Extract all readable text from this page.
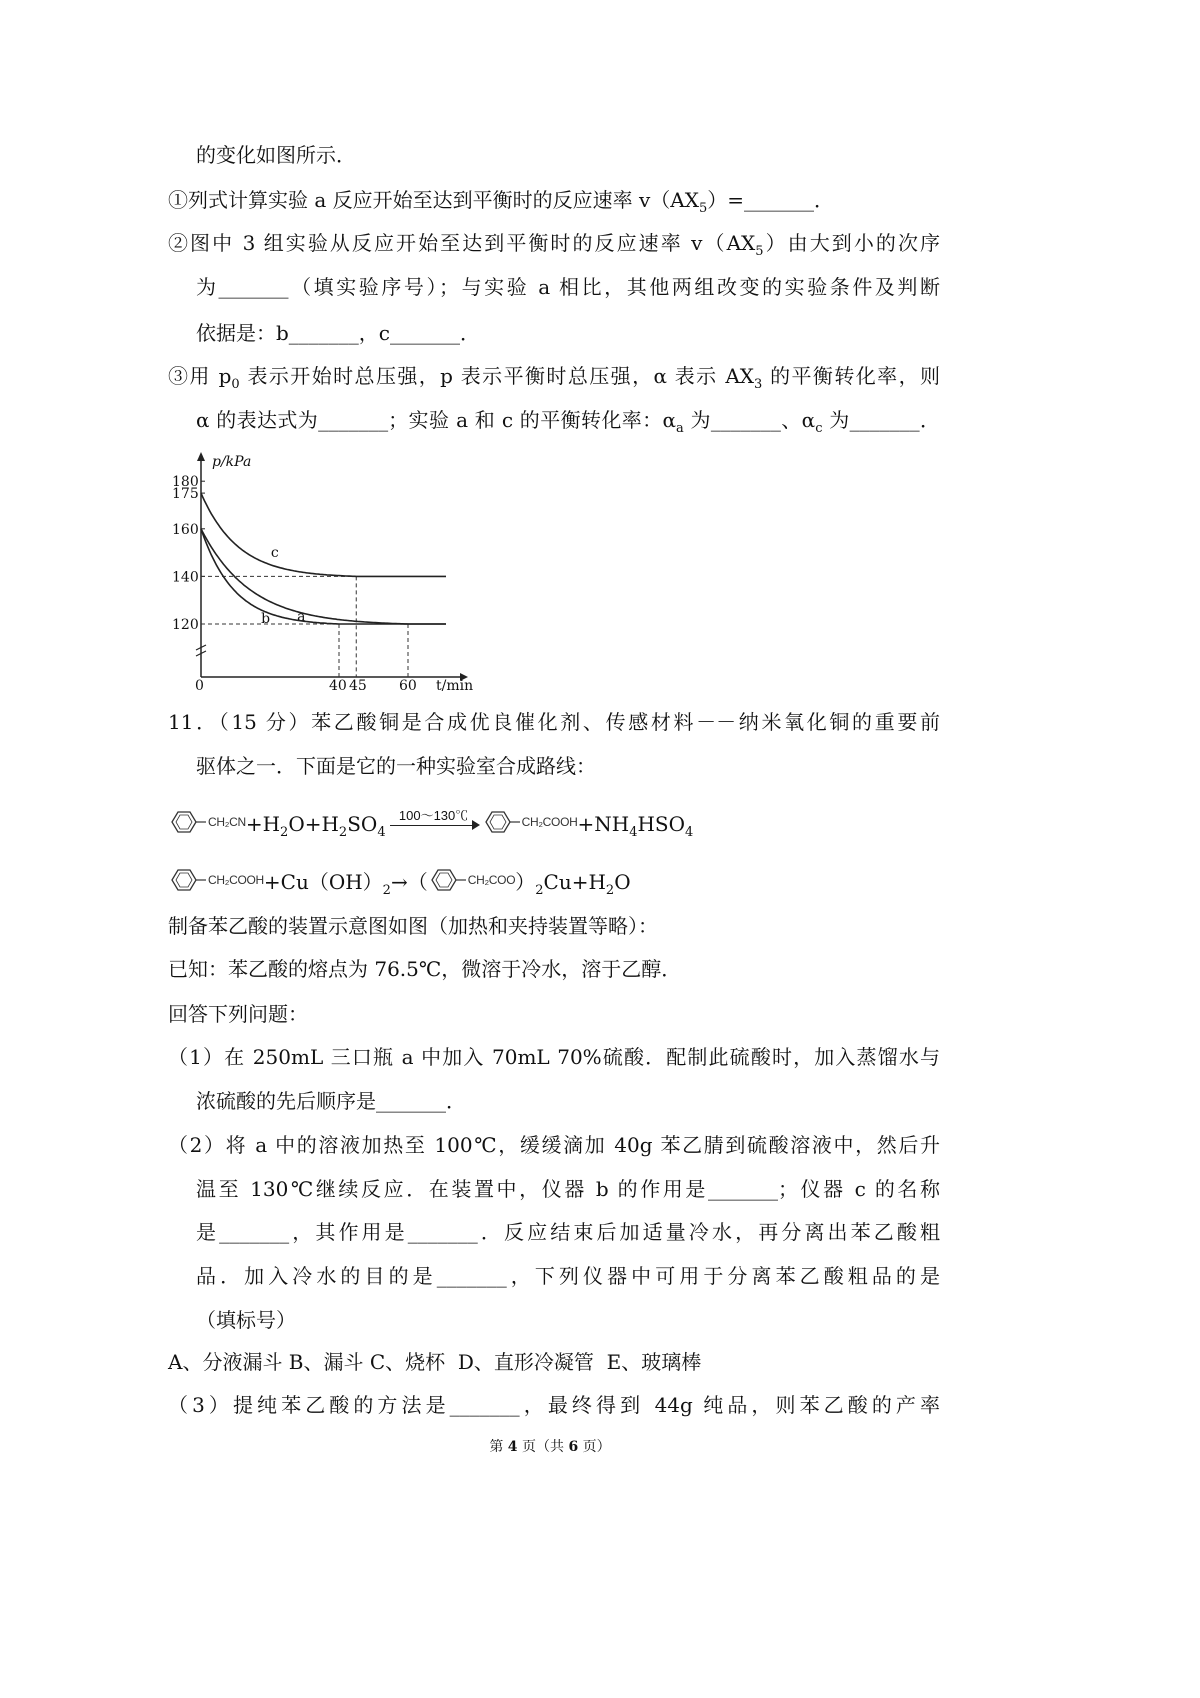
的变化如图所示．
①列式计算实验 a 反应开始至达到平衡时的反应速率 $v(AX_5)=\_\_\_\_\_\_\_$．
②图中 3 组实验从反应开始至达到平衡时的反应速率 $v(AX_5)$由大到小的次序
为_______（填实验序号）；与实验 a 相比，其他两组改变的实验条件及判断
依据是：b_______，c_______．
③用 $p_0$ 表示开始时总压强，p 表示平衡时总压强，α 表示 $AX_3$ 的平衡转化率，则
α 的表达式为_______；实验 a 和 c 的平衡转化率：$\alpha_a$ 为_______、$\alpha_c$ 为_______．
11．（15 分）苯乙酸铜是合成优良催化剂、传感材料－－纳米氧化铜的重要前
驱体之一．下面是它的一种实验室合成路线：
$^{CH_2CN}+H_2O+H_2SO_4$
100～130℃	$^{CH_2COOH}+NH_4HSO_4$
$^{CH_2COOH}+Cu(OH)_2\to$（	$^{CH_2COO})_2Cu+H_2O$
制备苯乙酸的装置示意图如图（加热和夹持装置等略）：
已知：苯乙酸的熔点为 76.5℃，微溶于冷水，溶于乙醇．
回答下列问题：
（1）在 250mL 三口瓶 a 中加入 70mL 70%硫酸．配制此硫酸时，加入蒸馏水与
浓硫酸的先后顺序是_______．
（2）将 a 中的溶液加热至 100℃，缓缓滴加 40g 苯乙腈到硫酸溶液中，然后升
温至 130℃继续反应．在装置中，仪器 b 的作用是_______；仪器 c 的名称
是_______，其作用是_______．反应结束后加适量冷水，再分离出苯乙酸粗
品．加入冷水的目的是_______，下列仪器中可用于分离苯乙酸粗品的是
（填标号）
A、分液漏斗 B、漏斗 C、烧杯  D、直形冷凝管  E、玻璃棒
（3）提纯苯乙酸的方法是_______，最终得到 44g 纯品，则苯乙酸的产率
p/kPa
t/min
180
175
160
140
120
0	40 45 60
c
a
b
第 4 页（共 6 页）
